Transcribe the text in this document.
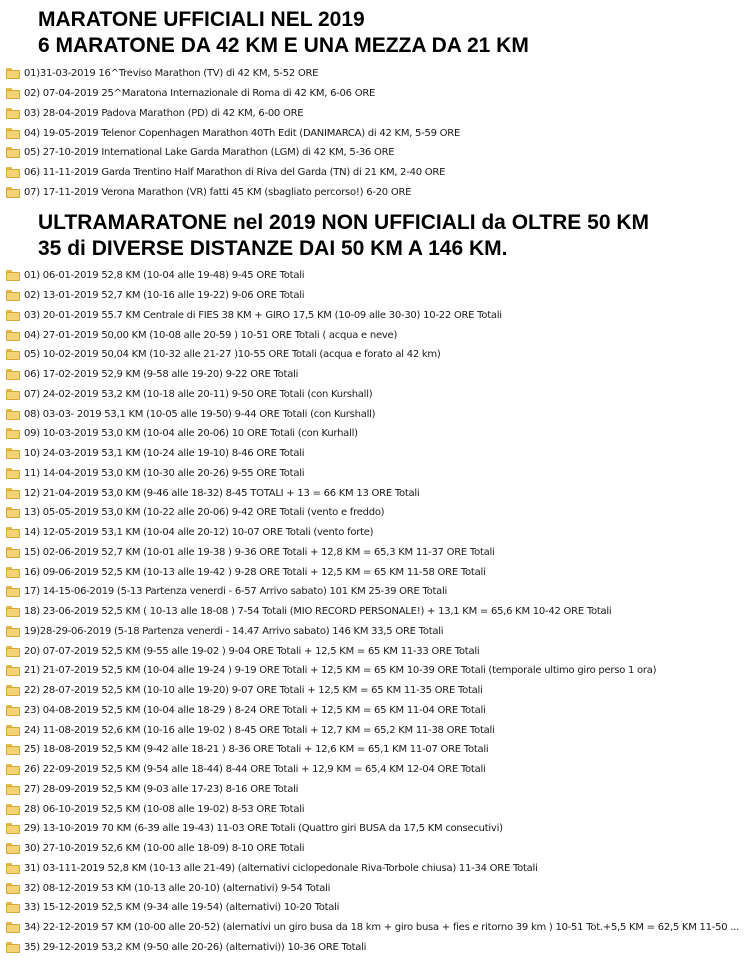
MARATONE UFFICIALI NEL 2019
6 MARATONE DA 42 KM E UNA MEZZA DA 21 KM
01)31-03-2019 16^Treviso Marathon (TV) di 42 KM, 5-52 ORE
02) 07-04-2019 25^Maratona Internazionale di Roma di 42 KM, 6-06 ORE
03) 28-04-2019 Padova Marathon (PD) di 42 KM, 6-00 ORE
04) 19-05-2019 Telenor Copenhagen Marathon 40Th Edit (DANIMARCA) di 42 KM, 5-59 ORE
05) 27-10-2019 International Lake Garda Marathon (LGM) di 42 KM, 5-36 ORE
06) 11-11-2019 Garda Trentino Half Marathon di Riva del Garda (TN) di 21 KM, 2-40 ORE
07) 17-11-2019 Verona Marathon (VR) fatti 45 KM (sbagliato percorso!) 6-20 ORE
ULTRAMARATONE nel 2019 NON UFFICIALI da OLTRE 50 KM
35 di DIVERSE DISTANZE DAI 50 KM A 146 KM.
01) 06-01-2019 52,8 KM (10-04 alle 19-48) 9-45 ORE Totali
02) 13-01-2019 52,7 KM (10-16 alle 19-22) 9-06 ORE Totali
03) 20-01-2019 55.7 KM Centrale di FIES 38 KM + GIRO 17,5 KM (10-09 alle 30-30) 10-22 ORE Totali
04) 27-01-2019 50,00 KM (10-08 alle 20-59 ) 10-51 ORE Totali ( acqua e neve)
05) 10-02-2019 50,04 KM (10-32 alle 21-27 )10-55 ORE Totali (acqua e forato al 42 km)
06) 17-02-2019 52,9 KM (9-58 alle 19-20) 9-22 ORE Totali
07) 24-02-2019 53,2 KM (10-18 alle 20-11) 9-50 ORE Totali (con Kurshall)
08) 03-03- 2019 53,1 KM (10-05 alle 19-50) 9-44 ORE Totali (con Kurshall)
09) 10-03-2019 53,0 KM (10-04 alle 20-06) 10 ORE Totali (con Kurhall)
10) 24-03-2019 53,1 KM (10-24 alle 19-10) 8-46 ORE Totali
11) 14-04-2019 53,0 KM (10-30 alle 20-26) 9-55 ORE Totali
12) 21-04-2019 53,0 KM (9-46 alle 18-32) 8-45 TOTALI + 13 = 66 KM 13 ORE Totali
13) 05-05-2019 53,0 KM (10-22 alle 20-06) 9-42 ORE Totali (vento e freddo)
14) 12-05-2019 53,1 KM (10-04 alle 20-12) 10-07 ORE Totali (vento forte)
15) 02-06-2019 52,7 KM (10-01 alle 19-38 ) 9-36 ORE Totali + 12,8 KM = 65,3 KM 11-37 ORE Totali
16) 09-06-2019 52,5 KM (10-13 alle 19-42 ) 9-28 ORE Totali + 12,5 KM = 65 KM 11-58 ORE Totali
17) 14-15-06-2019 (5-13 Partenza venerdi - 6-57 Arrivo sabato) 101 KM 25-39 ORE Totali
18) 23-06-2019 52,5 KM ( 10-13 alle 18-08 ) 7-54 Totali (MIO RECORD PERSONALE!) + 13,1 KM = 65,6 KM 10-42 ORE Totali
19)28-29-06-2019 (5-18 Partenza venerdi - 14.47 Arrivo sabato) 146 KM 33,5 ORE Totali
20) 07-07-2019 52,5 KM (9-55 alle 19-02 ) 9-04 ORE Totali + 12,5 KM = 65 KM 11-33 ORE Totali
21) 21-07-2019 52,5 KM (10-04 alle 19-24 ) 9-19 ORE Totali + 12,5 KM = 65 KM 10-39 ORE Totali (temporale ultimo giro perso 1 ora)
22) 28-07-2019 52,5 KM (10-10 alle 19-20) 9-07 ORE Totali + 12,5 KM = 65 KM 11-35 ORE Totali
23) 04-08-2019 52,5 KM (10-04 alle 18-29 ) 8-24 ORE Totali + 12,5 KM = 65 KM 11-04 ORE Totali
24) 11-08-2019 52,6 KM (10-16 alle 19-02 ) 8-45 ORE Totali + 12,7 KM = 65,2 KM 11-38 ORE Totali
25) 18-08-2019 52,5 KM (9-42 alle 18-21 ) 8-36 ORE Totali + 12,6 KM = 65,1 KM 11-07 ORE Totali
26) 22-09-2019 52,5 KM (9-54 alle 18-44) 8-44 ORE Totali + 12,9 KM = 65,4 KM 12-04 ORE Totali
27) 28-09-2019 52,5 KM (9-03 alle 17-23) 8-16 ORE Totali
28) 06-10-2019 52,5 KM (10-08 alle 19-02) 8-53 ORE Totali
29) 13-10-2019 70 KM (6-39 alle 19-43) 11-03 ORE Totali (Quattro giri BUSA da 17,5 KM consecutivi)
30) 27-10-2019 52,6 KM (10-00 alle 18-09) 8-10 ORE Totali
31) 03-111-2019 52,8 KM (10-13 alle 21-49) (alternativi ciclopedonale Riva-Torbole chiusa) 11-34 ORE Totali
32) 08-12-2019 53 KM (10-13 alle 20-10) (alternativi) 9-54 Totali
33) 15-12-2019 52,5 KM (9-34 alle 19-54) (alternativi) 10-20 Totali
34) 22-12-2019 57 KM (10-00 alle 20-52) (alernativi un giro busa da 18 km + giro busa + fies e ritorno 39 km ) 10-51 Tot.+5,5 KM = 62,5 KM 11-50 ...
35) 29-12-2019 53,2 KM (9-50 alle 20-26) (alternativi)) 10-36 ORE Totali
